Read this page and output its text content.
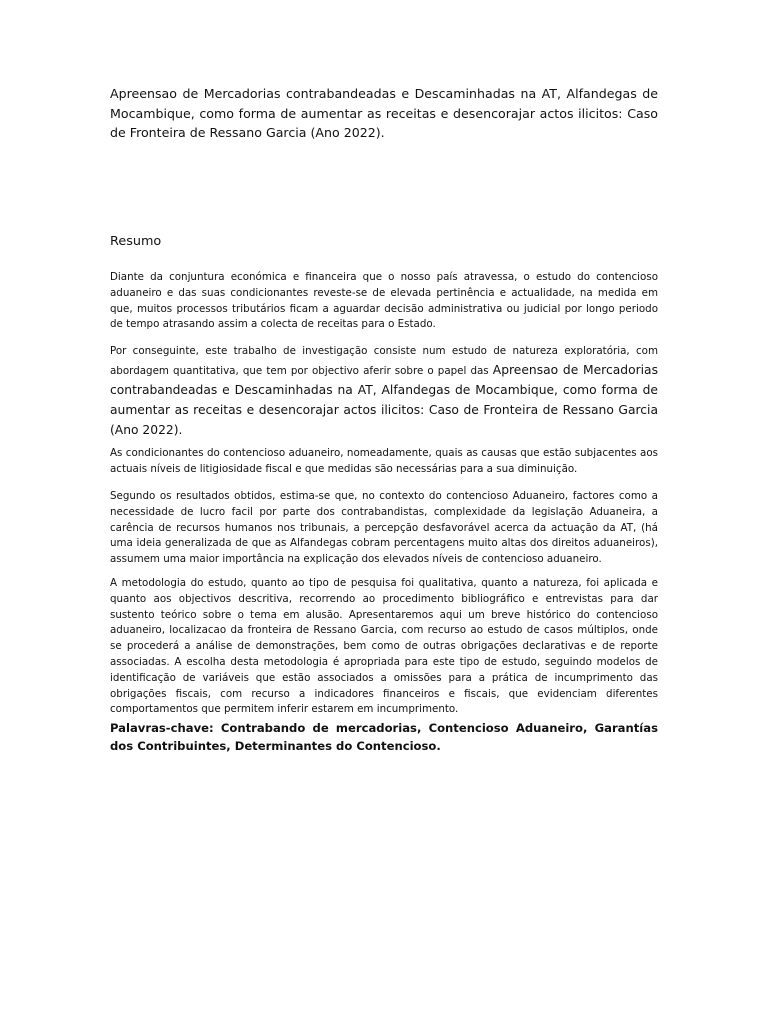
Apreensao de Mercadorias contrabandeadas e Descaminhadas na AT, Alfandegas de Mocambique, como forma de aumentar as receitas e desencorajar actos ilicitos: Caso de Fronteira de Ressano Garcia (Ano 2022).

Resumo

Diante da conjuntura económica e financeira que o nosso país atravessa, o estudo do contencioso aduaneiro e das suas condicionantes reveste-se de elevada pertinência e actualidade, na medida em que, muitos processos tributários ficam a aguardar decisão administrativa ou judicial por longo periodo de tempo atrasando assim a colecta de receitas para o Estado.

Por conseguinte, este trabalho de investigação consiste num estudo de natureza exploratória, com abordagem quantitativa, que tem por objectivo aferir sobre o papel das Apreensao de Mercadorias contrabandeadas e Descaminhadas na AT, Alfandegas de Mocambique, como forma de aumentar as receitas e desencorajar actos ilicitos: Caso de Fronteira de Ressano Garcia (Ano 2022).

As condicionantes do contencioso aduaneiro, nomeadamente, quais as causas que estão subjacentes aos actuais níveis de litigiosidade fiscal e que medidas são necessárias para a sua diminuição.

Segundo os resultados obtidos, estima-se que, no contexto do contencioso Aduaneiro, factores como a necessidade de lucro facil por parte dos contrabandistas, complexidade da legislação Aduaneira, a carência de recursos humanos nos tribunais, a percepção desfavorável acerca da actuação da AT, (há uma ideia generalizada de que as Alfandegas cobram percentagens muito altas dos direitos aduaneiros), assumem uma maior importância na explicação dos elevados níveis de contencioso aduaneiro.

A metodologia do estudo, quanto ao tipo de pesquisa foi qualitativa, quanto a natureza, foi aplicada e quanto aos objectivos descritiva, recorrendo ao procedimento bibliográfico e entrevistas para dar sustento teórico sobre o tema em alusão. Apresentaremos aqui um breve histórico do contencioso aduaneiro, localizacao da fronteira de Ressano Garcia, com recurso ao estudo de casos múltiplos, onde se procederá a análise de demonstrações, bem como de outras obrigações declarativas e de reporte associadas. A escolha desta metodologia é apropriada para este tipo de estudo, seguindo modelos de identificação de variáveis que estão associados a omissões para a prática de incumprimento das obrigações fiscais, com recurso a indicadores financeiros e fiscais, que evidenciam diferentes comportamentos que permitem inferir estarem em incumprimento.

Palavras-chave: Contrabando de mercadorias, Contencioso Aduaneiro, Garantı́as dos Contribuintes, Determinantes do Contencioso.
